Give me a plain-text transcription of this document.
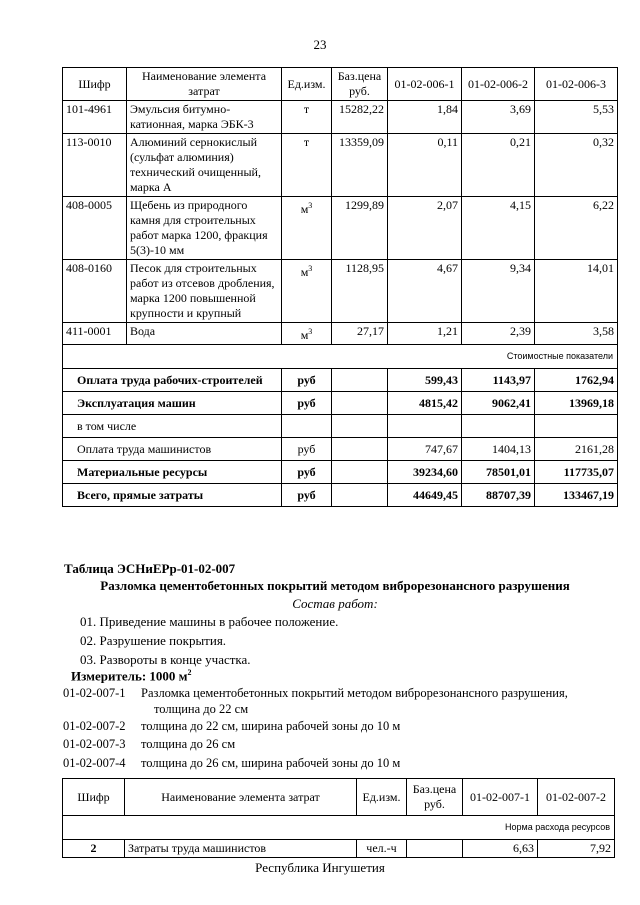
23
Шифр	Наименование элемента затрат	Ед.изм.	Баз.цена руб.	01-02-006-1	01-02-006-2	01-02-006-3
101-4961	Эмульсия битумно-катионная, марка ЭБК-3	т	15282,22	1,84	3,69	5,53
113-0010	Алюминий сернокислый (сульфат алюминия) технический очищенный, марка А	т	13359,09	0,11	0,21	0,32
408-0005	Щебень из природного камня для строительных работ марка 1200, фракция 5(3)-10 мм	$м^3$	1299,89	2,07	4,15	6,22
408-0160	Песок для строительных работ из отсевов дробления, марка 1200 повышенной крупности и крупный	$м^3$	1128,95	4,67	9,34	14,01
411-0001	Вода	$м^3$	27,17	1,21	2,39	3,58
Стоимостные показатели						
Оплата труда рабочих-строителей		руб		599,43	1143,97	1762,94
Эксплуатация машин		руб		4815,42	9062,41	13969,18
в том числе						
Оплата труда машинистов		руб		747,67	1404,13	2161,28
Материальные ресурсы		руб		39234,60	78501,01	117735,07
Всего, прямые затраты		руб		44649,45	88707,39	133467,19
Таблица ЭСНиЕРр-01-02-007
Разломка цементобетонных покрытий методом виброрезонансного разрушения
Состав работ:
01. Приведение машины в рабочее положение.
02. Разрушение покрытия.
03. Развороты в конце участка.
Измеритель: 1000 $м^2$
01-02-007-1 Разломка цементобетонных покрытий методом виброрезонансного разрушения,
толщина до 22 см
01-02-007-2 толщина до 22 см, ширина рабочей зоны до 10 м
01-02-007-3 толщина до 26 см
01-02-007-4 толщина до 26 см, ширина рабочей зоны до 10 м
Шифр	Наименование элемента затрат	Ед.изм.	Баз.цена руб.	01-02-007-1	01-02-007-2
Норма расхода ресурсов					
2	Затраты труда машинистов	чел.-ч		6,63	7,92
Республика Ингушетия
